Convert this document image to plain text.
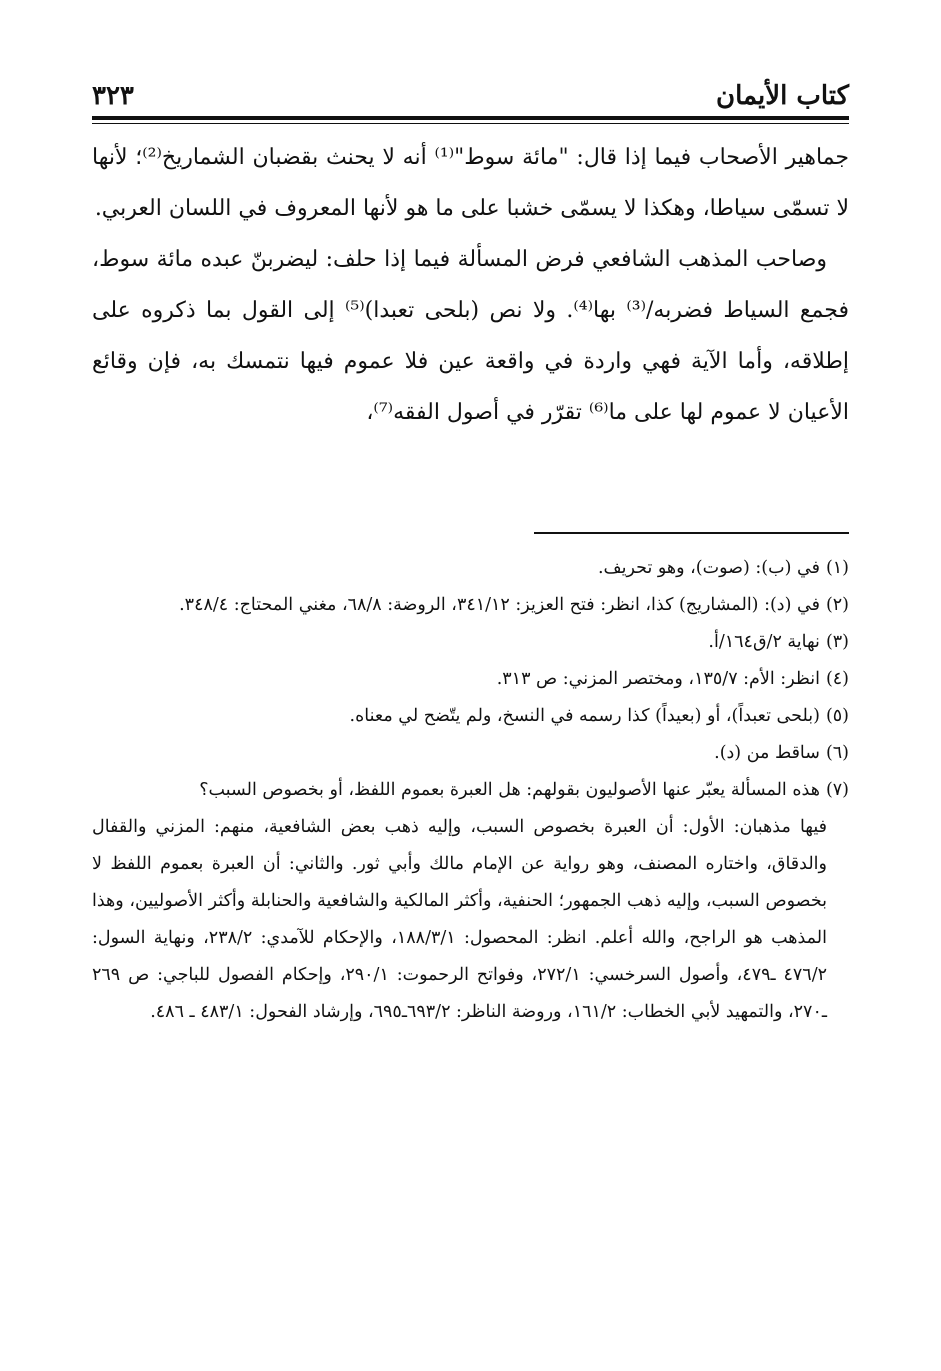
كتاب الأيمان
٣٢٣

جماهير الأصحاب فيما إذا قال: "مائة سوط"⁽¹⁾ أنه لا يحنث بقضبان الشماريخ⁽²⁾؛ لأنها لا تسمّى سياطا، وهكذا لا يسمّى خشبا على ما هو لأنها المعروف في اللسان العربي.

وصاحب المذهب الشافعي فرض المسألة فيما إذا حلف: ليضربنّ عبده مائة سوط، فجمع السياط فضربه/⁽³⁾ بها⁽⁴⁾. ولا نص (بلحى تعبدا)⁽⁵⁾ إلى القول بما ذكروه على إطلاقه، وأما الآية فهي واردة في واقعة عين فلا عموم فيها نتمسك به، فإن وقائع الأعيان لا عموم لها على ما⁽⁶⁾ تقرّر في أصول الفقه⁽⁷⁾،

(١)
في (ب): (صوت)، وهو تحريف.
(٢)
في (د): (المشاريج) كذا، انظر: فتح العزيز: ٣٤١/١٢، الروضة: ٦٨/٨، مغني المحتاج: ٣٤٨/٤.
(٣)
نهاية ٢/ق١٦٤/أ.
(٤)
انظر: الأم: ١٣٥/٧، ومختصر المزني: ص ٣١٣.
(٥)
(بلحى تعبداً)، أو (بعيداً) كذا رسمه في النسخ، ولم يتّضح لي معناه.
(٦)
ساقط من (د).
(٧)
هذه المسألة يعبّر عنها الأصوليون بقولهم: هل العبرة بعموم اللفظ، أو بخصوص السبب؟

فيها مذهبان: الأول: أن العبرة بخصوص السبب، وإليه ذهب بعض الشافعية، منهم: المزني والقفال والدقاق، واختاره المصنف، وهو رواية عن الإمام مالك وأبي ثور. والثاني: أن العبرة بعموم اللفظ لا بخصوص السبب، وإليه ذهب الجمهور؛ الحنفية، وأكثر المالكية والشافعية والحنابلة وأكثر الأصوليين، وهذا المذهب هو الراجح، والله أعلم. انظر: المحصول: ١٨٨/٣/١، والإحكام للآمدي: ٢٣٨/٢، ونهاية السول: ٤٧٦/٢ ـ٤٧٩، وأصول السرخسي: ٢٧٢/١، وفواتح الرحموت: ٢٩٠/١، وإحكام الفصول للباجي: ص ٢٦٩ ـ٢٧٠، والتمهيد لأبي الخطاب: ١٦١/٢، وروضة الناظر: ٦٩٣/٢ـ٦٩٥، وإرشاد الفحول: ٤٨٣/١ ـ ٤٨٦.
